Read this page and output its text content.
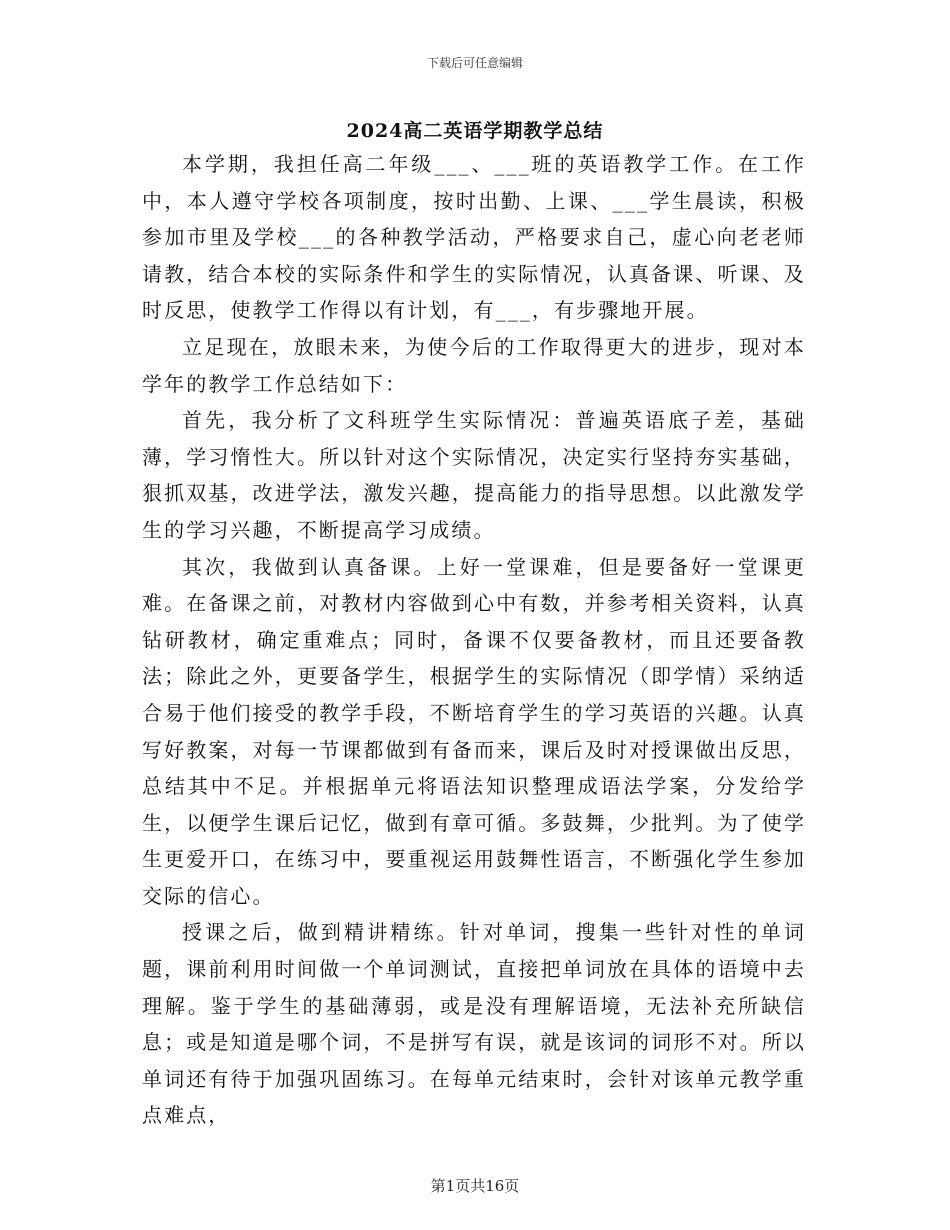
下载后可任意编辑
2024高二英语学期教学总结

本学期，我担任高二年级___、___班的英语教学工作。在工作中，本人遵守学校各项制度，按时出勤、上课、___学生晨读，积极参加市里及学校___的各种教学活动，严格要求自己，虚心向老老师请教，结合本校的实际条件和学生的实际情况，认真备课、听课、及时反思，使教学工作得以有计划，有___，有步骤地开展。

立足现在，放眼未来，为使今后的工作取得更大的进步，现对本学年的教学工作总结如下：

首先，我分析了文科班学生实际情况：普遍英语底子差，基础薄，学习惰性大。所以针对这个实际情况，决定实行坚持夯实基础，狠抓双基，改进学法，激发兴趣，提高能力的指导思想。以此激发学生的学习兴趣，不断提高学习成绩。

其次，我做到认真备课。上好一堂课难，但是要备好一堂课更难。在备课之前，对教材内容做到心中有数，并参考相关资料，认真钻研教材，确定重难点；同时，备课不仅要备教材，而且还要备教法；除此之外，更要备学生，根据学生的实际情况（即学情）采纳适合易于他们接受的教学手段，不断培育学生的学习英语的兴趣。认真写好教案，对每一节课都做到有备而来，课后及时对授课做出反思，总结其中不足。并根据单元将语法知识整理成语法学案，分发给学生，以便学生课后记忆，做到有章可循。多鼓舞，少批判。为了使学生更爱开口，在练习中，要重视运用鼓舞性语言，不断强化学生参加交际的信心。

授课之后，做到精讲精练。针对单词，搜集一些针对性的单词题，课前利用时间做一个单词测试，直接把单词放在具体的语境中去理解。鉴于学生的基础薄弱，或是没有理解语境，无法补充所缺信息；或是知道是哪个词，不是拼写有误，就是该词的词形不对。所以单词还有待于加强巩固练习。在每单元结束时，会针对该单元教学重点难点，

第1页共16页
